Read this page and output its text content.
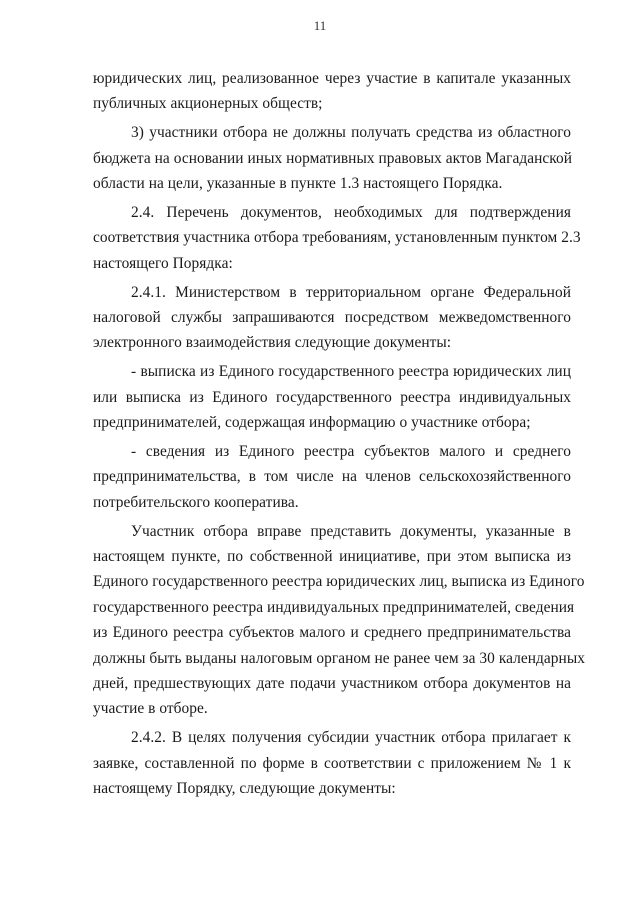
11
юридических лиц, реализованное через участие в капитале указанных
публичных акционерных обществ;
3) участники отбора не должны получать средства из областного
бюджета на основании иных нормативных правовых актов Магаданской
области на цели, указанные в пункте 1.3 настоящего Порядка.
2.4. Перечень документов, необходимых для подтверждения
соответствия участника отбора требованиям, установленным пунктом 2.3
настоящего Порядка:
2.4.1. Министерством в территориальном органе Федеральной
налоговой службы запрашиваются посредством межведомственного
электронного взаимодействия следующие документы:
- выписка из Единого государственного реестра юридических лиц
или выписка из Единого государственного реестра индивидуальных
предпринимателей, содержащая информацию о участнике отбора;
- сведения из Единого реестра субъектов малого и среднего
предпринимательства, в том числе на членов сельскохозяйственного
потребительского кооператива.
Участник отбора вправе представить документы, указанные в
настоящем пункте, по собственной инициативе, при этом выписка из
Единого государственного реестра юридических лиц, выписка из Единого
государственного реестра индивидуальных предпринимателей, сведения
из Единого реестра субъектов малого и среднего предпринимательства
должны быть выданы налоговым органом не ранее чем за 30 календарных
дней, предшествующих дате подачи участником отбора документов на
участие в отборе.
2.4.2. В целях получения субсидии участник отбора прилагает к
заявке, составленной по форме в соответствии с приложением № 1 к
настоящему Порядку, следующие документы:
